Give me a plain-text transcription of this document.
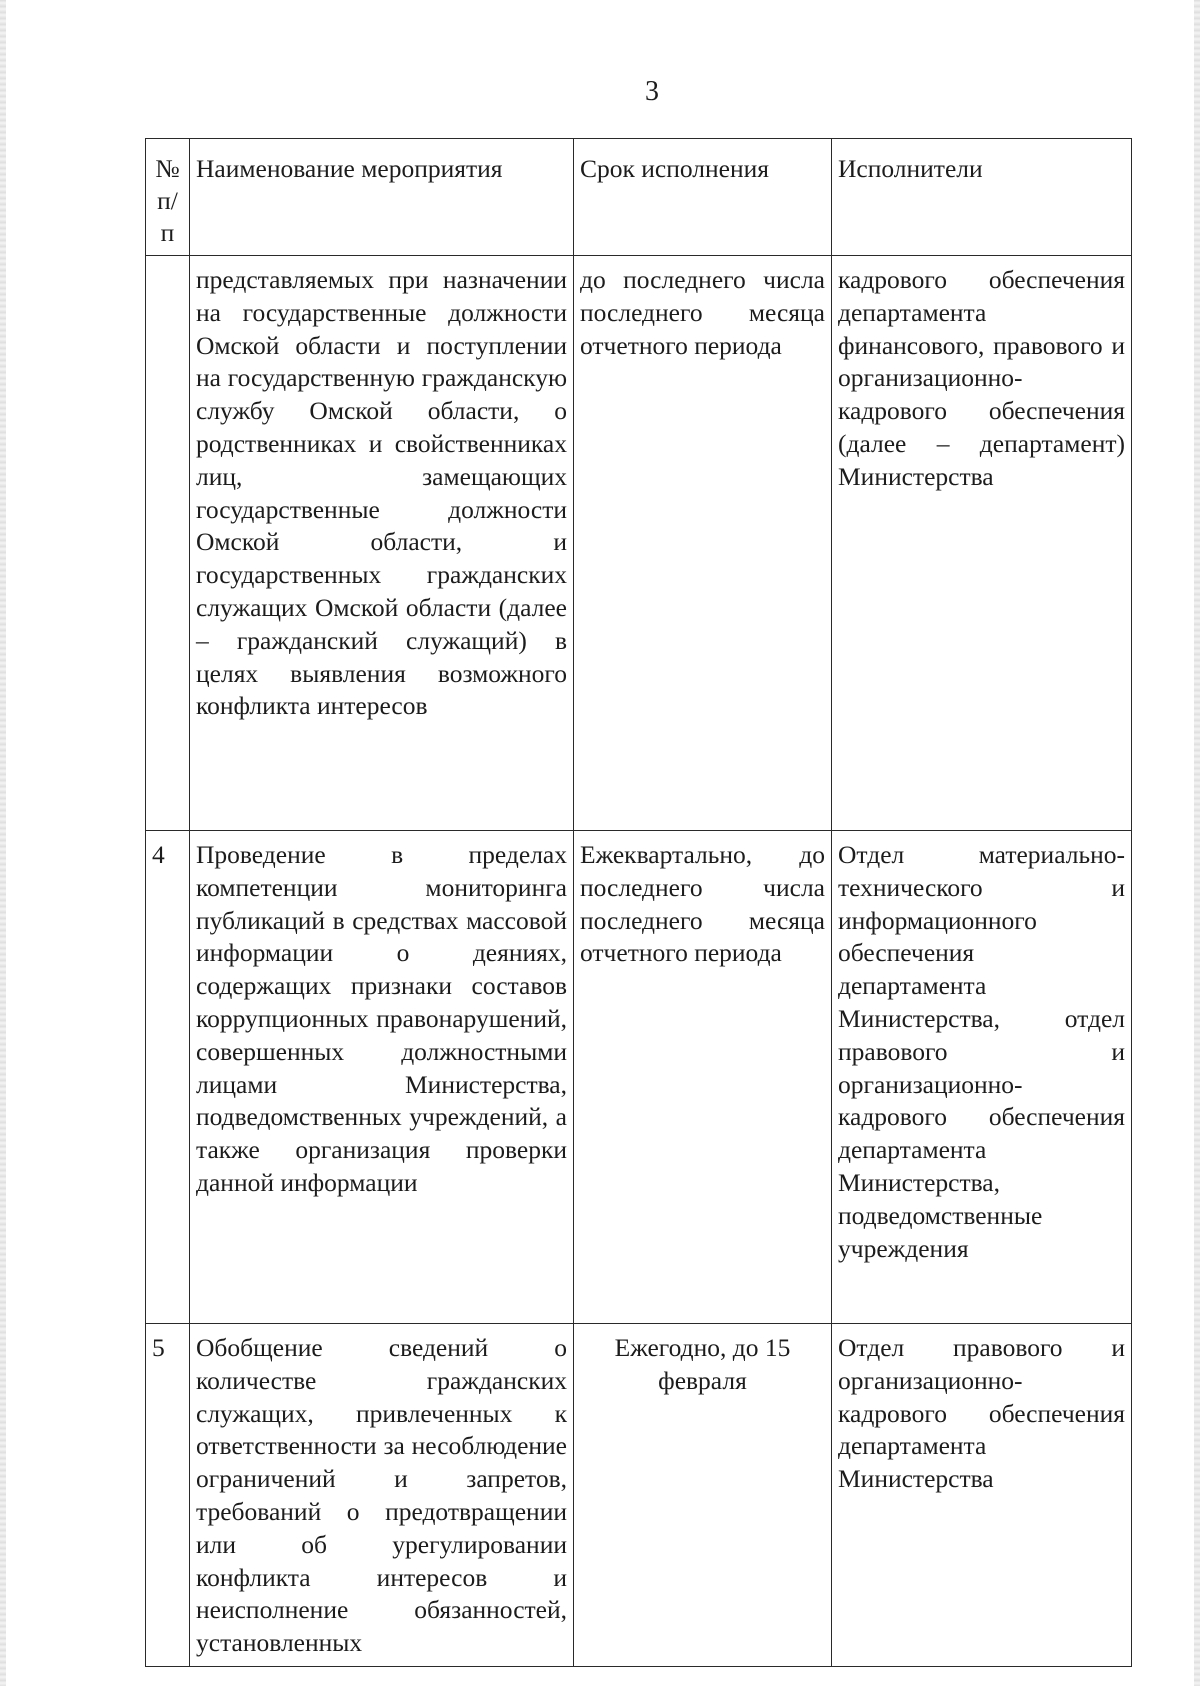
3
№ п/п	Наименование мероприятия	Срок исполнения	Исполнители
	представляемых при назначении на государственные должности Омской области и поступлении на государственную гражданскую службу Омской области, о родственниках и свойственниках лиц, замещающих государственные должности Омской области, и государственных гражданских служащих Омской области (далее – гражданский служащий) в целях выявления возможного конфликта интересов	до последнего числа последнего месяца отчетного периода	кадрового обеспечения департамента финансового, правового и организационно-кадрового обеспечения (далее – департамент) Министерства
4	Проведение в пределах компетенции мониторинга публикаций в средствах массовой информации о деяниях, содержащих признаки составов коррупционных правонарушений, совершенных должностными лицами Министерства, подведомственных учреждений, а также организация проверки данной информации	Ежеквартально, до последнего числа последнего месяца отчетного периода	Отдел материально-технического и информационного обеспечения департамента Министерства, отдел правового и организационно-кадрового обеспечения департамента Министерства, подведомственные учреждения
5	Обобщение сведений о количестве гражданских служащих, привлеченных к ответственности за несоблюдение ограничений и запретов, требований о предотвращении или об урегулировании конфликта интересов и неисполнение обязанностей, установленных	Ежегодно, до 15 февраля	Отдел правового и организационно-кадрового обеспечения департамента Министерства
